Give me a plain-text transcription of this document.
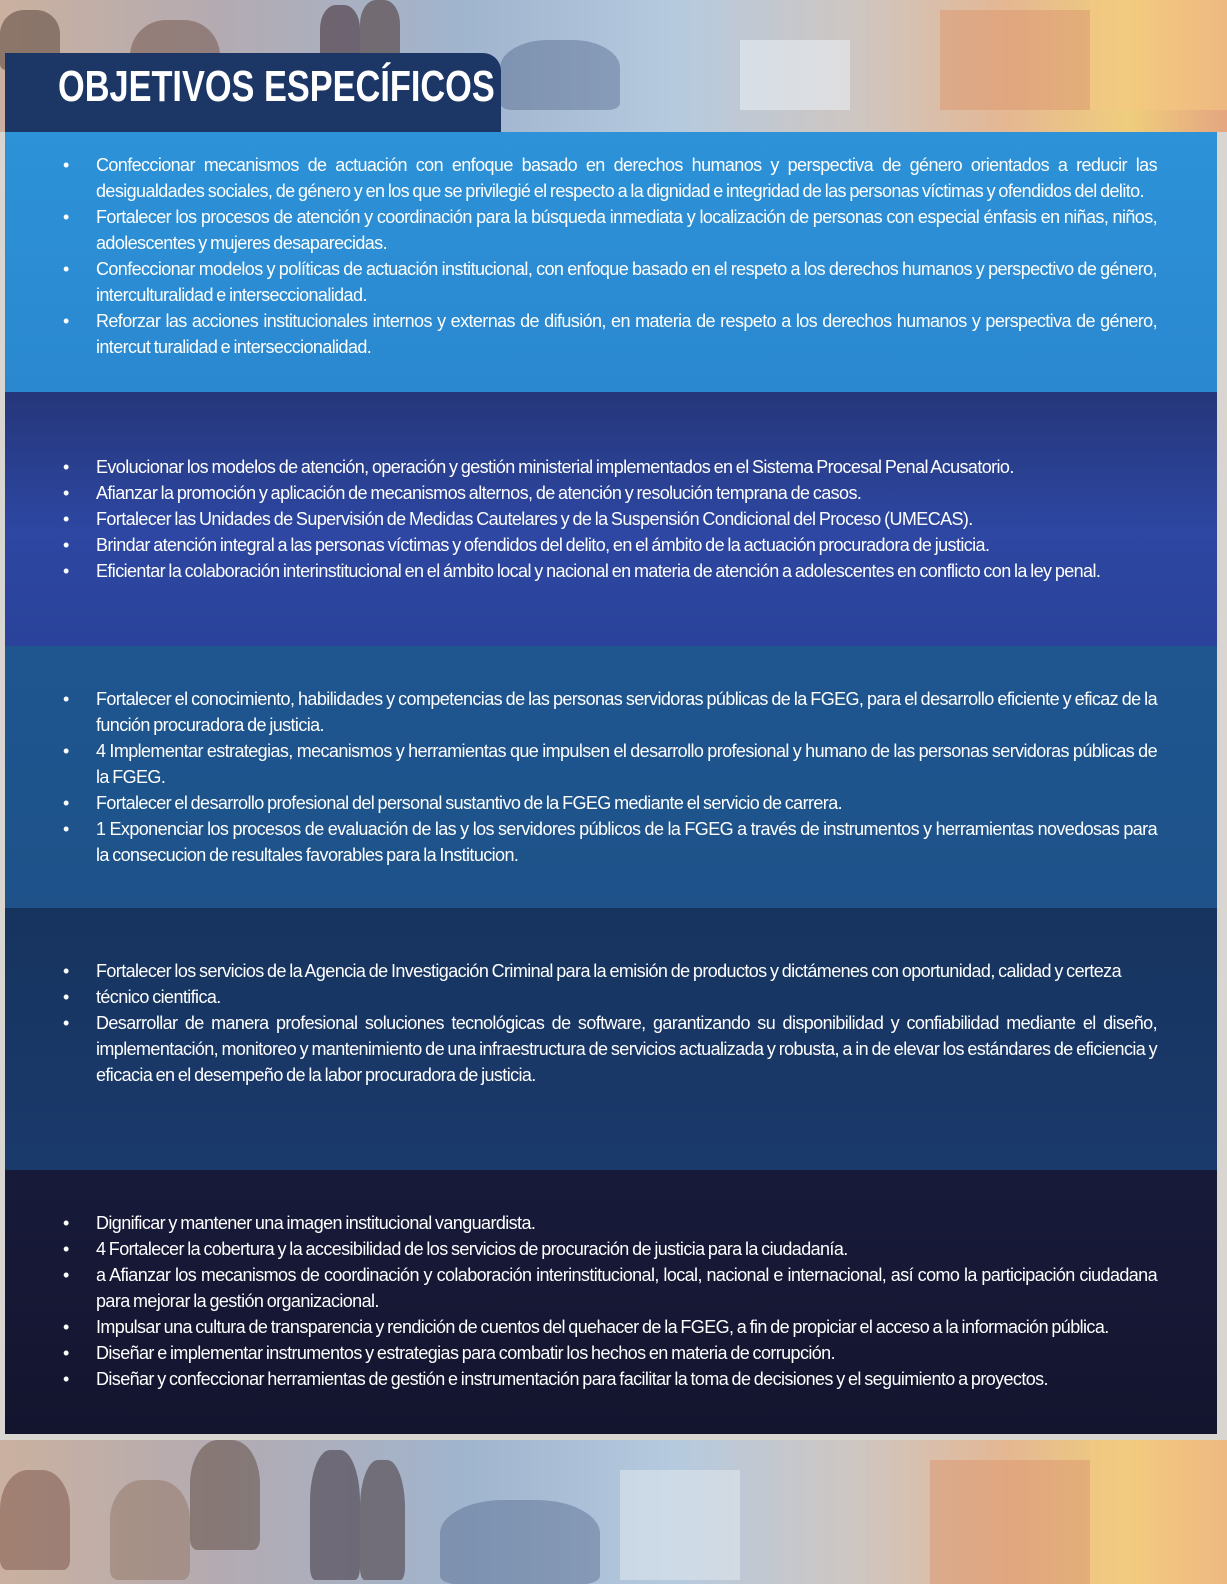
OBJETIVOS ESPECÍFICOS
• Confeccionar mecanismos de actuación con enfoque basado en derechos humanos y perspectiva de género orientados a reducir las desigualdades sociales, de género y en los que se privilegié el respecto a la dignidad e integridad de las personas víctimas y ofendidos del delito.
• Fortalecer los procesos de atención y coordinación para la búsqueda inmediata y localización de personas con especial énfasis en niñas, niños, adolescentes y mujeres desaparecidas.
• Confeccionar modelos y políticas de actuación institucional, con enfoque basado en el respeto a los derechos humanos y perspectivo de género, interculturalidad e interseccionalidad.
• Reforzar las acciones institucionales internos y externas de difusión, en materia de respeto a los derechos humanos y perspectiva de género, intercut turalidad e interseccionalidad.
• Evolucionar los modelos de atención, operación y gestión ministerial implementados en el Sistema Procesal Penal Acusatorio.
• Afianzar la promoción y aplicación de mecanismos alternos, de atención y resolución temprana de casos.
• Fortalecer las Unidades de Supervisión de Medidas Cautelares y de la Suspensión Condicional del Proceso (UMECAS).
• Brindar atención integral a las personas víctimas y ofendidos del delito, en el ámbito de la actuación procuradora de justicia.
• Eficientar la colaboración interinstitucional en el ámbito local y nacional en materia de atención a adolescentes en conflicto con la ley penal.
• Fortalecer el conocimiento, habilidades y competencias de las personas servidoras públicas de la FGEG, para el desarrollo eficiente y eficaz de la función procuradora de justicia.
• 4 Implementar estrategias, mecanismos y herramientas que impulsen el desarrollo profesional y humano de las personas servidoras públicas de la FGEG.
• Fortalecer el desarrollo profesional del personal sustantivo de la FGEG mediante el servicio de carrera.
• 1 Exponenciar los procesos de evaluación de las y los servidores públicos de la FGEG a través de instrumentos y herramientas novedosas para la consecucion de resultales favorables para la Institucion.
• Fortalecer los servicios de la Agencia de Investigación Criminal para la emisión de productos y dictámenes con oportunidad, calidad y certeza
• técnico cientifica.
• Desarrollar de manera profesional soluciones tecnológicas de software, garantizando su disponibilidad y confiabilidad mediante el diseño, implementación, monitoreo y mantenimiento de una infraestructura de servicios actualizada y robusta, a in de elevar los estándares de eficiencia y eficacia en el desempeño de la labor procuradora de justicia.
• Dignificar y mantener una imagen institucional vanguardista.
• 4 Fortalecer la cobertura y la accesibilidad de los servicios de procuración de justicia para la ciudadanía.
• a Afianzar los mecanismos de coordinación y colaboración interinstitucional, local, nacional e internacional, así como la participación ciudadana para mejorar la gestión organizacional.
• Impulsar una cultura de transparencia y rendición de cuentos del quehacer de la FGEG, a fin de propiciar el acceso a la información pública.
• Diseñar e implementar instrumentos y estrategias para combatir los hechos en materia de corrupción.
• Diseñar y confeccionar herramientas de gestión e instrumentación para facilitar la toma de decisiones y el seguimiento a proyectos.
